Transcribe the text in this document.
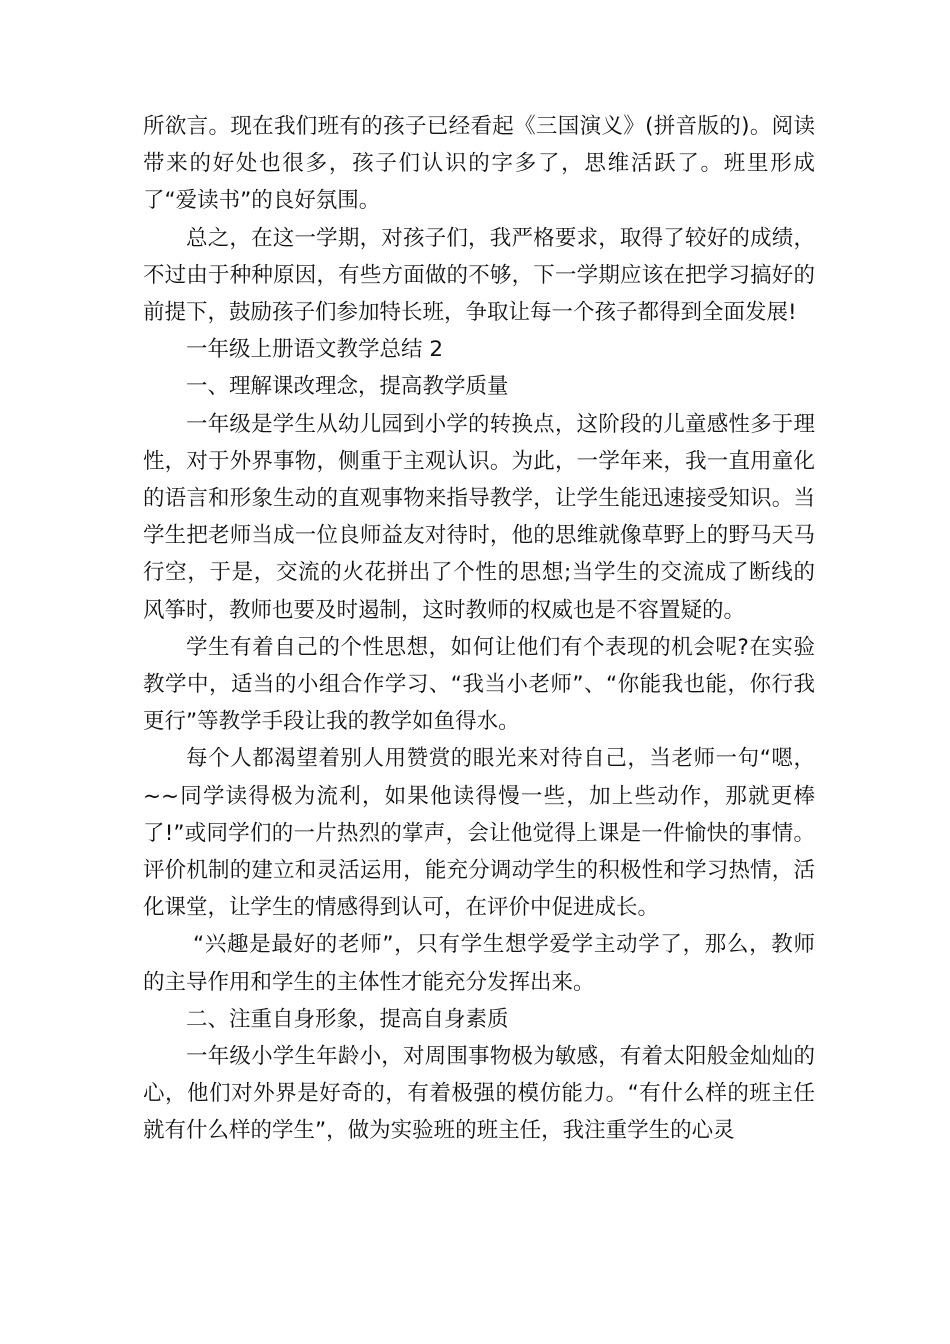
所欲言。现在我们班有的孩子已经看起《三国演义》(拼音版的)。阅读带来的好处也很多，孩子们认识的字多了，思维活跃了。班里形成了“爱读书”的良好氛围。

总之，在这一学期，对孩子们，我严格要求，取得了较好的成绩，不过由于种种原因，有些方面做的不够，下一学期应该在把学习搞好的前提下，鼓励孩子们参加特长班，争取让每一个孩子都得到全面发展!

一年级上册语文教学总结 2

一、理解课改理念，提高教学质量

一年级是学生从幼儿园到小学的转换点，这阶段的儿童感性多于理性，对于外界事物，侧重于主观认识。为此，一学年来，我一直用童化的语言和形象生动的直观事物来指导教学，让学生能迅速接受知识。当学生把老师当成一位良师益友对待时，他的思维就像草野上的野马天马行空，于是，交流的火花拼出了个性的思想;当学生的交流成了断线的风筝时，教师也要及时遏制，这时教师的权威也是不容置疑的。

学生有着自己的个性思想，如何让他们有个表现的机会呢?在实验教学中，适当的小组合作学习、“我当小老师”、“你能我也能，你行我更行”等教学手段让我的教学如鱼得水。

每个人都渴望着别人用赞赏的眼光来对待自己，当老师一句“嗯，~~同学读得极为流利，如果他读得慢一些，加上些动作，那就更棒了!”或同学们的一片热烈的掌声，会让他觉得上课是一件愉快的事情。评价机制的建立和灵活运用，能充分调动学生的积极性和学习热情，活化课堂，让学生的情感得到认可，在评价中促进成长。

“兴趣是最好的老师”，只有学生想学爱学主动学了，那么，教师的主导作用和学生的主体性才能充分发挥出来。

二、注重自身形象，提高自身素质

一年级小学生年龄小，对周围事物极为敏感，有着太阳般金灿灿的心，他们对外界是好奇的，有着极强的模仿能力。“有什么样的班主任就有什么样的学生”，做为实验班的班主任，我注重学生的心灵
